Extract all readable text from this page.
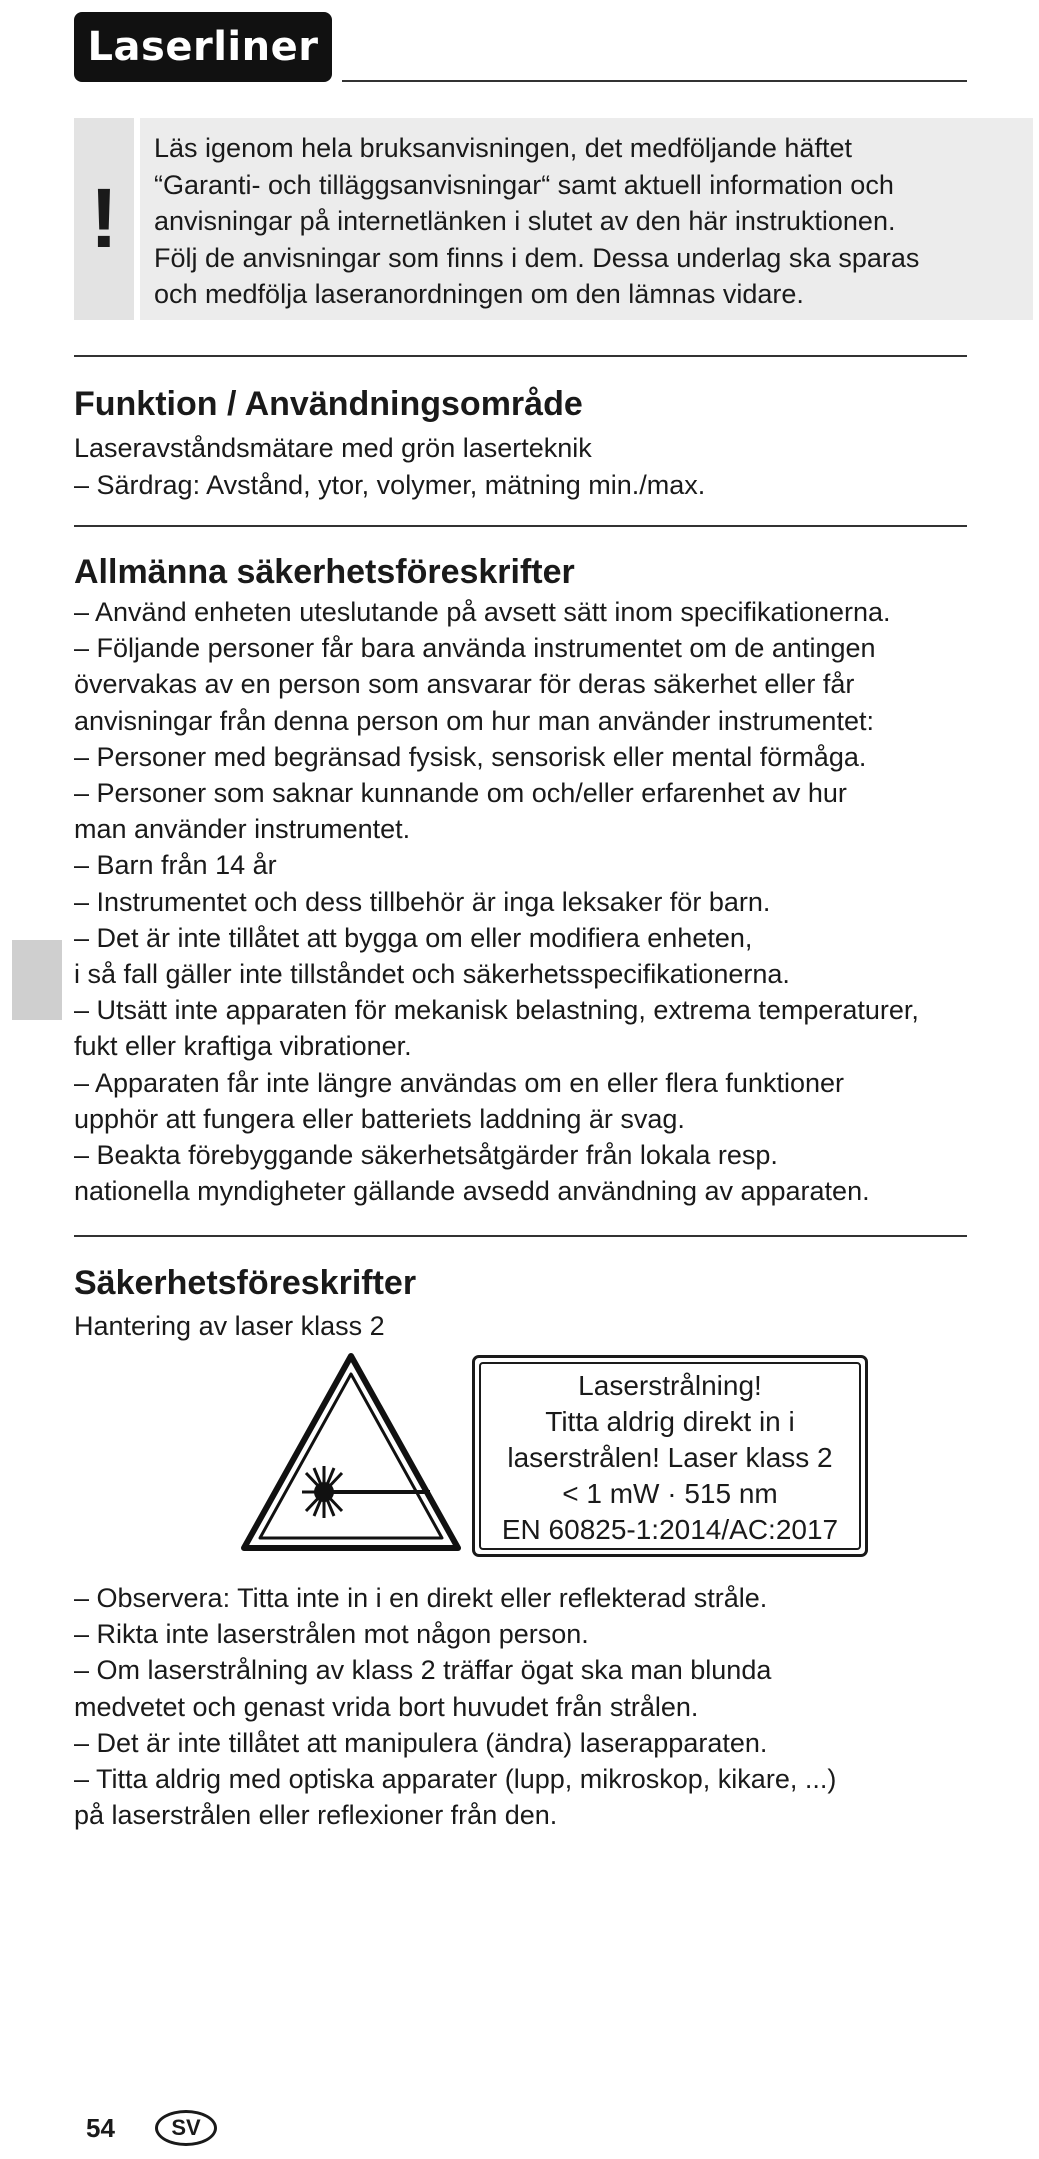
Laserliner
!
Läs igenom hela bruksanvisningen, det medföljande häftet
“Garanti- och tilläggsanvisningar“ samt aktuell information och
anvisningar på internetlänken i slutet av den här instruktionen.
Följ de anvisningar som finns i dem. Dessa underlag ska sparas
och medfölja laseranordningen om den lämnas vidare.
Funktion / Användningsområde
Laseravståndsmätare med grön laserteknik
– Särdrag: Avstånd, ytor, volymer, mätning min./max.
Allmänna säkerhetsföreskrifter
– Använd enheten uteslutande på avsett sätt inom specifikationerna.
– Följande personer får bara använda instrumentet om de antingen
övervakas av en person som ansvarar för deras säkerhet eller får
anvisningar från denna person om hur man använder instrumentet:
– Personer med begränsad fysisk, sensorisk eller mental förmåga.
– Personer som saknar kunnande om och/eller erfarenhet av hur
man använder instrumentet.
– Barn från 14 år
– Instrumentet och dess tillbehör är inga leksaker för barn.
– Det är inte tillåtet att bygga om eller modifiera enheten,
i så fall gäller inte tillståndet och säkerhetsspecifikationerna.
– Utsätt inte apparaten för mekanisk belastning, extrema temperaturer,
fukt eller kraftiga vibrationer.
– Apparaten får inte längre användas om en eller flera funktioner
upphör att fungera eller batteriets laddning är svag.
– Beakta förebyggande säkerhetsåtgärder från lokala resp.
nationella myndigheter gällande avsedd användning av apparaten.
Säkerhetsföreskrifter
Hantering av laser klass 2
Laserstrålning!
Titta aldrig direkt in i
laserstrålen! Laser klass 2
< 1 mW · 515 nm
EN 60825-1:2014/AC:2017
– Observera: Titta inte in i en direkt eller reflekterad stråle.
– Rikta inte laserstrålen mot någon person.
– Om laserstrålning av klass 2 träffar ögat ska man blunda
medvetet och genast vrida bort huvudet från strålen.
– Det är inte tillåtet att manipulera (ändra) laserapparaten.
– Titta aldrig med optiska apparater (lupp, mikroskop, kikare, ...)
på laserstrålen eller reflexioner från den.
54	SV
